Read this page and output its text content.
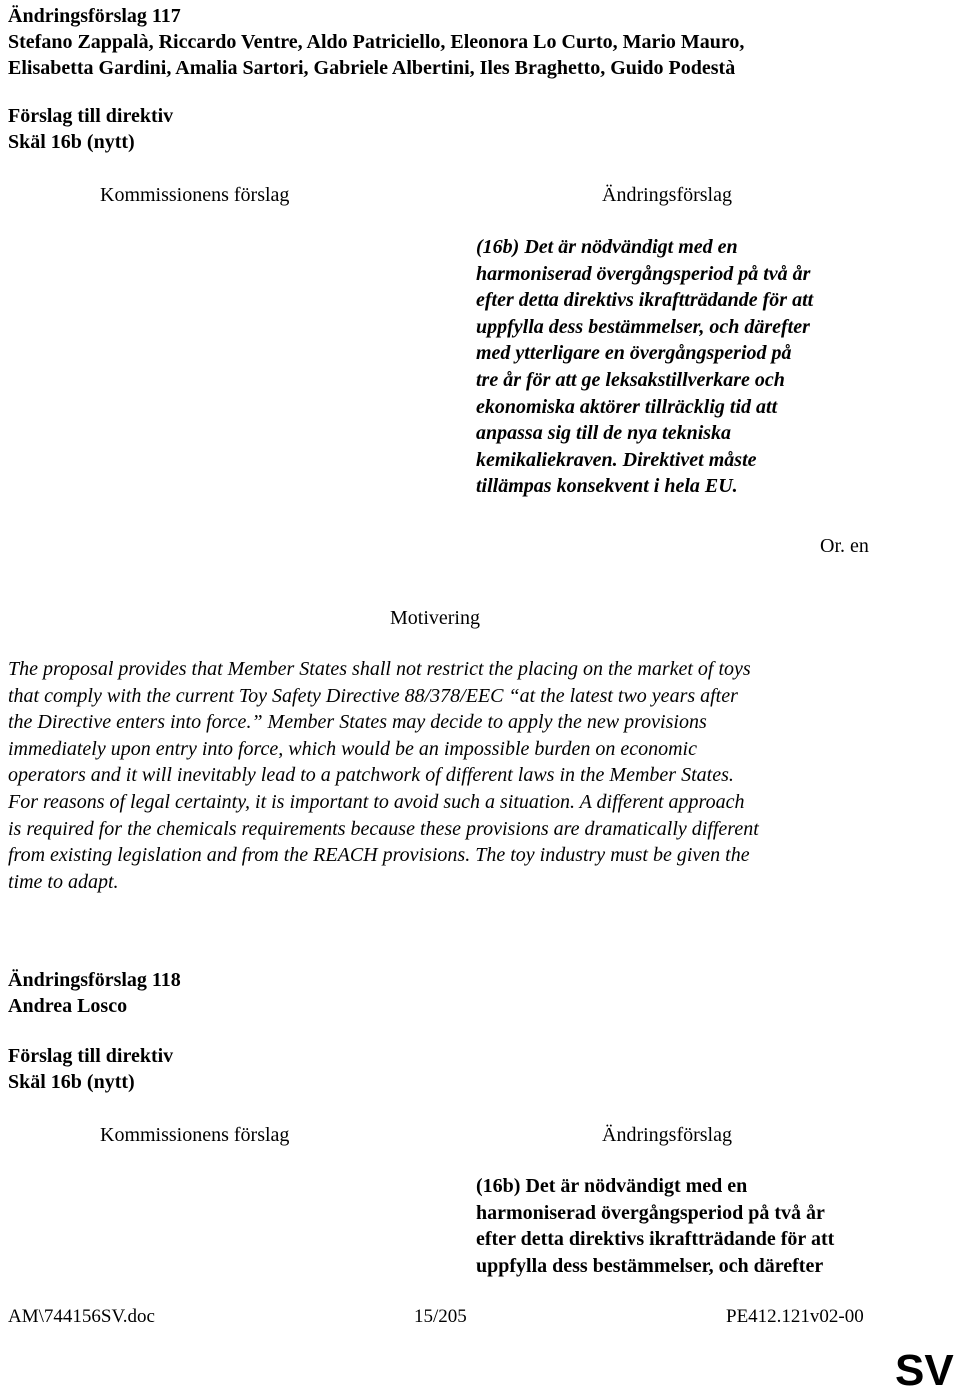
Ändringsförslag 117
Stefano Zappalà, Riccardo Ventre, Aldo Patriciello, Eleonora Lo Curto, Mario Mauro,
Elisabetta Gardini, Amalia Sartori, Gabriele Albertini, Iles Braghetto, Guido Podestà
Förslag till direktiv
Skäl 16b (nytt)
Kommissionens förslag	Ändringsförslag
(16b) Det är nödvändigt med en
harmoniserad övergångsperiod på två år
efter detta direktivs ikraftträdande för att
uppfylla dess bestämmelser, och därefter
med ytterligare en övergångsperiod på
tre år för att ge leksakstillverkare och
ekonomiska aktörer tillräcklig tid att
anpassa sig till de nya tekniska
kemikaliekraven. Direktivet måste
tillämpas konsekvent i hela EU.
Or. en
Motivering
The proposal provides that Member States shall not restrict the placing on the market of toys
that comply with the current Toy Safety Directive 88/378/EEC “at the latest two years after
the Directive enters into force.” Member States may decide to apply the new provisions
immediately upon entry into force, which would be an impossible burden on economic
operators and it will inevitably lead to a patchwork of different laws in the Member States.
For reasons of legal certainty, it is important to avoid such a situation. A different approach
is required for the chemicals requirements because these provisions are dramatically different
from existing legislation and from the REACH provisions. The toy industry must be given the
time to adapt.
Ändringsförslag 118
Andrea Losco
Förslag till direktiv
Skäl 16b (nytt)
Kommissionens förslag	Ändringsförslag
(16b) Det är nödvändigt med en
harmoniserad övergångsperiod på två år
efter detta direktivs ikraftträdande för att
uppfylla dess bestämmelser, och därefter
AM\744156SV.doc	15/205	PE412.121v02-00
SV
